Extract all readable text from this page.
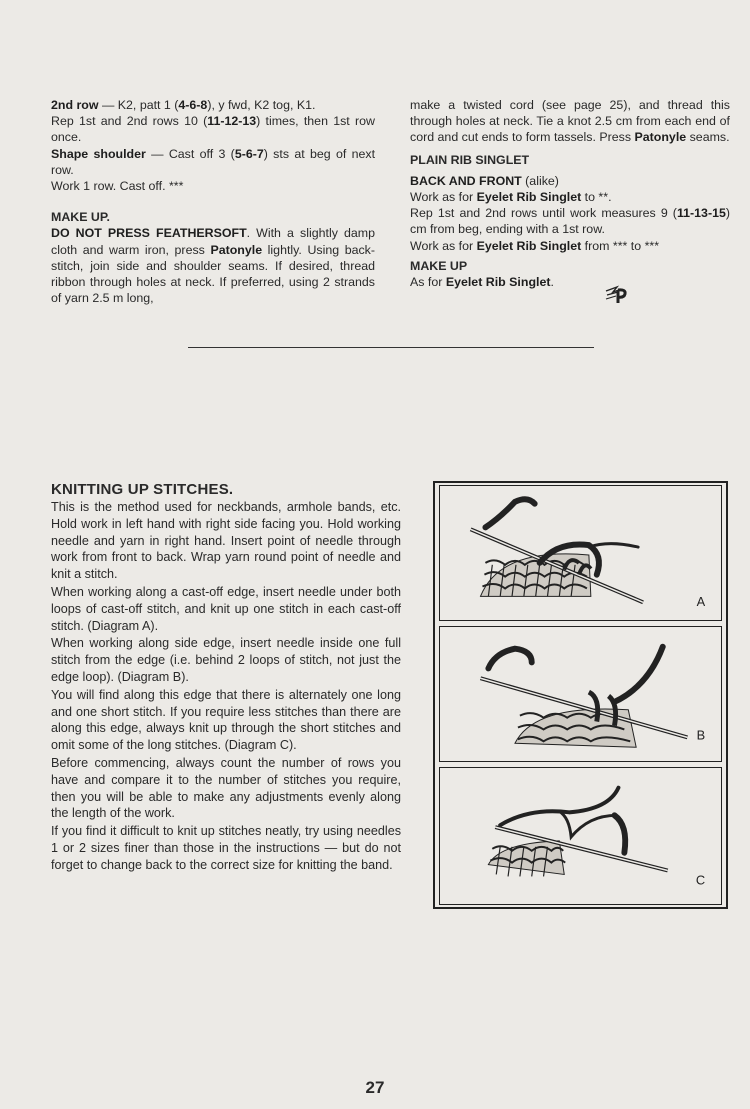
2nd row — K2, patt 1 (4-6-8), y fwd, K2 tog, K1.

Rep 1st and 2nd rows 10 (11-12-13) times, then 1st row once.

Shape shoulder — Cast off 3 (5-6-7) sts at beg of next row.

Work 1 row. Cast off. ***

MAKE UP.

DO NOT PRESS FEATHERSOFT. With a slightly damp cloth and warm iron, press Patonyle lightly. Using back-stitch, join side and shoulder seams. If desired, thread ribbon through holes at neck. If preferred, using 2 strands of yarn 2.5 m long,

make a twisted cord (see page 25), and thread this through holes at neck. Tie a knot 2.5 cm from each end of cord and cut ends to form tassels. Press Patonyle seams.

PLAIN RIB SINGLET

BACK AND FRONT (alike)

Work as for Eyelet Rib Singlet to **.

Rep 1st and 2nd rows until work measures 9 (11-13-15) cm from beg, ending with a 1st row.

Work as for Eyelet Rib Singlet from *** to ***

MAKE UP

As for Eyelet Rib Singlet.

KNITTING UP STITCHES.

This is the method used for neckbands, armhole bands, etc. Hold work in left hand with right side facing you. Hold working needle and yarn in right hand. Insert point of needle through work from front to back. Wrap yarn round point of needle and knit a stitch.

When working along a cast-off edge, insert needle under both loops of cast-off stitch, and knit up one stitch in each cast-off stitch. (Diagram A).

When working along side edge, insert needle inside one full stitch from the edge (i.e. behind 2 loops of stitch, not just the edge loop). (Diagram B).

You will find along this edge that there is alternately one long and one short stitch. If you require less stitches than there are along this edge, always knit up through the short stitches and omit some of the long stitches. (Diagram C).

Before commencing, always count the number of rows you have and compare it to the number of stitches you require, then you will be able to make any adjustments evenly along the length of the work.

If you find it difficult to knit up stitches neatly, try using needles 1 or 2 sizes finer than those in the instructions — but do not forget to change back to the correct size for knitting the band.

A
B
C
27
